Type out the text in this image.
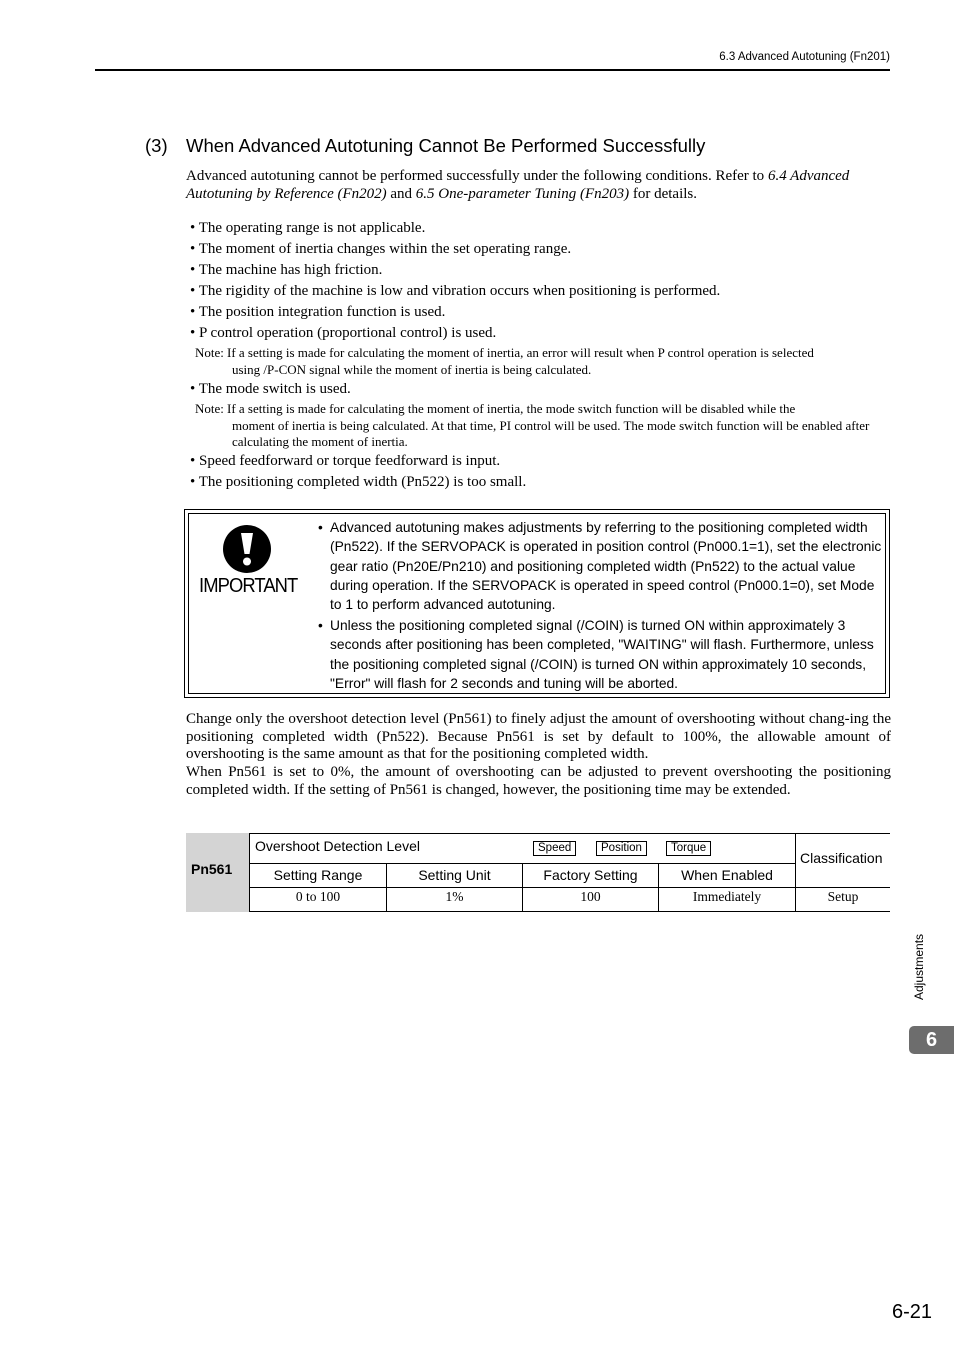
6.3 Advanced Autotuning (Fn201)
(3) When Advanced Autotuning Cannot Be Performed Successfully
Advanced autotuning cannot be performed successfully under the following conditions. Refer to 6.4 Advanced Autotuning by Reference (Fn202) and 6.5 One-parameter Tuning (Fn203) for details.
• The operating range is not applicable.
• The moment of inertia changes within the set operating range.
• The machine has high friction.
• The rigidity of the machine is low and vibration occurs when positioning is performed.
• The position integration function is used.
• P control operation (proportional control) is used.
Note: If a setting is made for calculating the moment of inertia, an error will result when P control operation is selected
using /P-CON signal while the moment of inertia is being calculated.
• The mode switch is used.
Note: If a setting is made for calculating the moment of inertia, the mode switch function will be disabled while the
moment of inertia is being calculated. At that time, PI control will be used. The mode switch function will be enabled after calculating the moment of inertia.
• Speed feedforward or torque feedforward is input.
• The positioning completed width (Pn522) is too small.
IMPORTANT
• Advanced autotuning makes adjustments by referring to the positioning completed width (Pn522). If the SERVOPACK is operated in position control (Pn000.1=1), set the electronic gear ratio (Pn20E/Pn210) and positioning completed width (Pn522) to the actual value during operation. If the SERVOPACK is operated in speed control (Pn000.1=0), set Mode to 1 to perform advanced autotuning.
• Unless the positioning completed signal (/COIN) is turned ON within approximately 3 seconds after positioning has been completed, "WAITING" will flash. Furthermore, unless the positioning completed signal (/COIN) is turned ON within approximately 10 seconds, "Error" will flash for 2 seconds and tuning will be aborted.
Change only the overshoot detection level (Pn561) to finely adjust the amount of overshooting without chang-ing the positioning completed width (Pn522). Because Pn561 is set by default to 100%, the allowable amount of overshooting is the same amount as that for the positioning completed width.
When Pn561 is set to 0%, the amount of overshooting can be adjusted to prevent overshooting the positioning completed width. If the setting of Pn561 is changed, however, the positioning time may be extended.
Pn561
Overshoot Detection Level	Speed	Position	Torque
Classification
Setting Range	Setting Unit	Factory Setting	When Enabled
0 to 100	1%	100	Immediately	Setup
Adjustments
6
6-21
